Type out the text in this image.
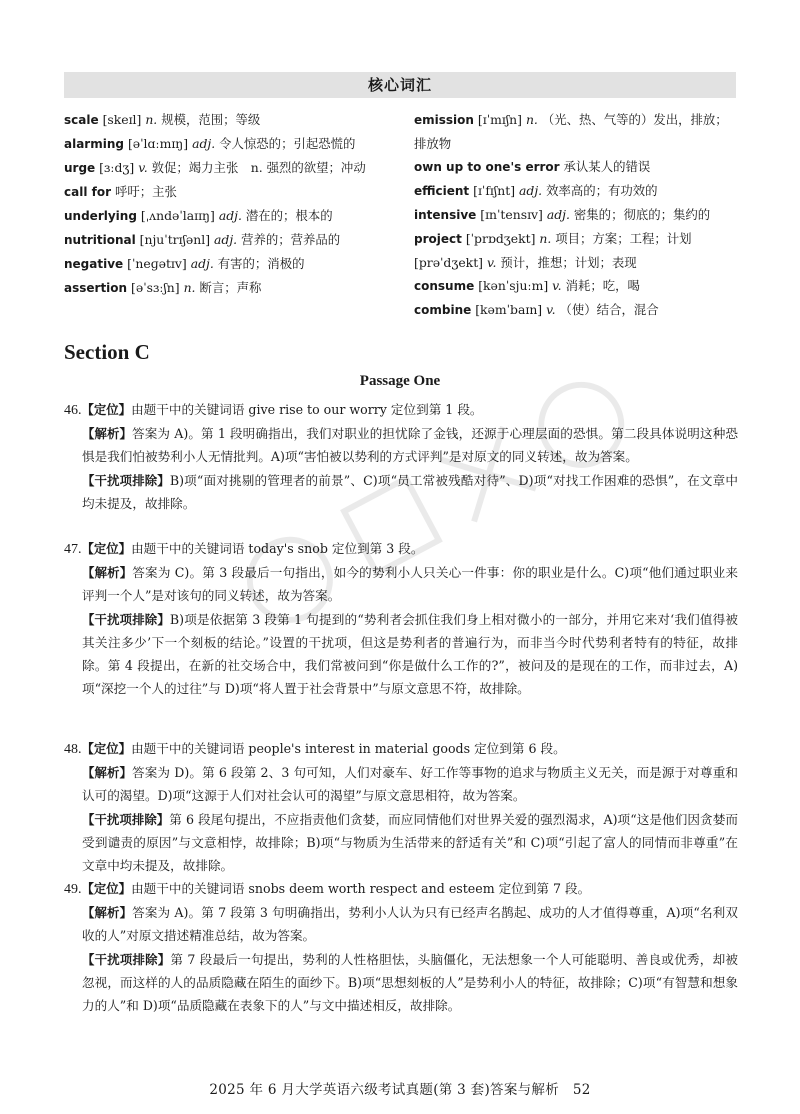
核心词汇

scale [skeɪl] n. 规模，范围；等级

alarming [əˈlɑːmɪŋ] adj. 令人惊恐的；引起恐慌的

urge [ɜːdʒ] v. 敦促；竭力主张　n. 强烈的欲望；冲动

call for 呼吁；主张

underlying [ˌʌndəˈlaɪɪŋ] adj. 潜在的；根本的

nutritional [njuˈtrɪʃənl] adj. 营养的；营养品的

negative [ˈneɡətɪv] adj. 有害的；消极的

assertion [əˈsɜːʃn] n. 断言；声称

emission [ɪˈmɪʃn] n. （光、热、气等的）发出，排放；排放物

own up to one's error 承认某人的错误

efficient [ɪˈfɪʃnt] adj. 效率高的；有功效的

intensive [ɪnˈtensɪv] adj. 密集的；彻底的；集约的

project [ˈprɒdʒekt] n. 项目；方案；工程；计划

[prəˈdʒekt] v. 预计，推想；计划；表现

consume [kənˈsjuːm] v. 消耗；吃，喝

combine [kəmˈbaɪn] v. （使）结合，混合

Section C
Passage One
46.【定位】由题干中的关键词语 give rise to our worry 定位到第 1 段。
【解析】答案为 A)。第 1 段明确指出，我们对职业的担忧除了金钱，还源于心理层面的恐惧。第二段具体说明这种恐惧是我们怕被势利小人无情批判。A)项“害怕被以势利的方式评判”是对原文的同义转述，故为答案。
【干扰项排除】B)项“面对挑剔的管理者的前景”、C)项“员工常被残酷对待”、D)项“对找工作困难的恐惧”，在文章中均未提及，故排除。
47.【定位】由题干中的关键词语 today's snob 定位到第 3 段。
【解析】答案为 C)。第 3 段最后一句指出，如今的势利小人只关心一件事：你的职业是什么。C)项“他们通过职业来评判一个人”是对该句的同义转述，故为答案。
【干扰项排除】B)项是依据第 3 段第 1 句提到的“势利者会抓住我们身上相对微小的一部分，并用它来对‘我们值得被其关注多少’下一个刻板的结论。”设置的干扰项，但这是势利者的普遍行为，而非当今时代势利者特有的特征，故排除。第 4 段提出，在新的社交场合中，我们常被问到“你是做什么工作的?”，被问及的是现在的工作，而非过去，A)项“深挖一个人的过往”与 D)项“将人置于社会背景中”与原文意思不符，故排除。
48.【定位】由题干中的关键词语 people's interest in material goods 定位到第 6 段。
【解析】答案为 D)。第 6 段第 2、3 句可知，人们对豪车、好工作等事物的追求与物质主义无关，而是源于对尊重和认可的渴望。D)项“这源于人们对社会认可的渴望”与原文意思相符，故为答案。
【干扰项排除】第 6 段尾句提出，不应指责他们贪婪，而应同情他们对世界关爱的强烈渴求，A)项“这是他们因贪婪而受到谴责的原因”与文意相悖，故排除；B)项“与物质为生活带来的舒适有关”和 C)项“引起了富人的同情而非尊重”在文章中均未提及，故排除。
49.【定位】由题干中的关键词语 snobs deem worth respect and esteem 定位到第 7 段。
【解析】答案为 A)。第 7 段第 3 句明确指出，势利小人认为只有已经声名鹊起、成功的人才值得尊重，A)项“名利双收的人”对原文措述精准总结，故为答案。
【干扰项排除】第 7 段最后一句提出，势利的人性格胆怯，头脑僵化，无法想象一个人可能聪明、善良或优秀，却被忽视，而这样的人的品质隐藏在陌生的面纱下。B)项“思想刻板的人”是势利小人的特征，故排除；C)项“有智慧和想象力的人”和 D)项“品质隐藏在表象下的人”与文中描述相反，故排除。
2025 年 6 月大学英语六级考试真题(第 3 套)答案与解析　52
